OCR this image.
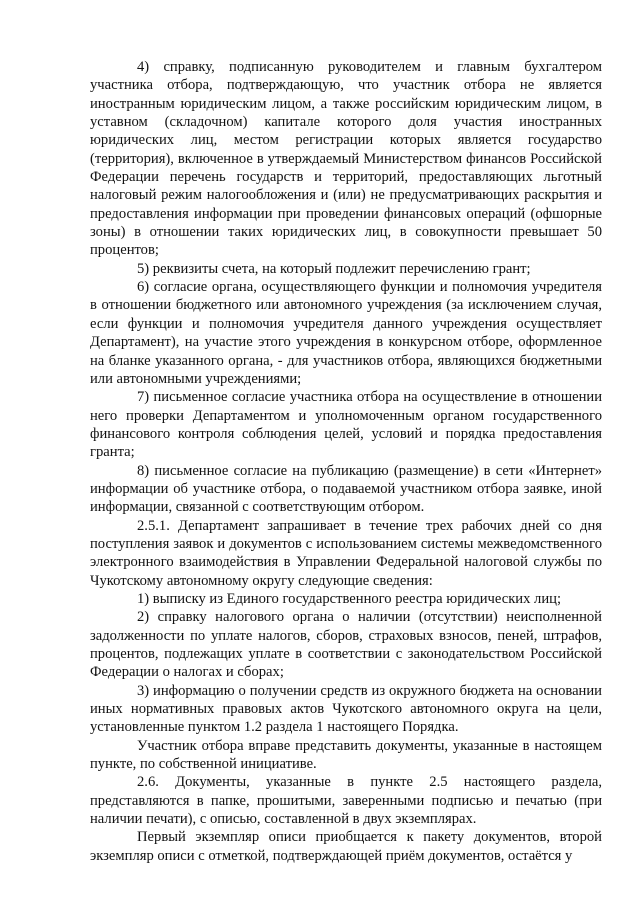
4) справку, подписанную руководителем и главным бухгалтером участника отбора, подтверждающую, что участник отбора не является иностранным юридическим лицом, а также российским юридическим лицом, в уставном (складочном) капитале которого доля участия иностранных юридических лиц, местом регистрации которых является государство (территория), включенное в утверждаемый Министерством финансов Российской Федерации перечень государств и территорий, предоставляющих льготный налоговый режим налогообложения и (или) не предусматривающих раскрытия и предоставления информации при проведении финансовых операций (офшорные зоны) в отношении таких юридических лиц, в совокупности превышает 50 процентов;

5) реквизиты счета, на который подлежит перечислению грант;

6) согласие органа, осуществляющего функции и полномочия учредителя в отношении бюджетного или автономного учреждения (за исключением случая, если функции и полномочия учредителя данного учреждения осуществляет Департамент), на участие этого учреждения в конкурсном отборе, оформленное на бланке указанного органа, - для участников отбора, являющихся бюджетными или автономными учреждениями;

7) письменное согласие участника отбора на осуществление в отношении него проверки Департаментом и уполномоченным органом государственного финансового контроля соблюдения целей, условий и порядка предоставления гранта;

8) письменное согласие на публикацию (размещение) в сети «Интернет» информации об участнике отбора, о подаваемой участником отбора заявке, иной информации, связанной с соответствующим отбором.

2.5.1. Департамент запрашивает в течение трех рабочих дней со дня поступления заявок и документов с использованием системы межведомственного электронного взаимодействия в Управлении Федеральной налоговой службы по Чукотскому автономному округу следующие сведения:

1) выписку из Единого государственного реестра юридических лиц;

2) справку налогового органа о наличии (отсутствии) неисполненной задолженности по уплате налогов, сборов, страховых взносов, пеней, штрафов, процентов, подлежащих уплате в соответствии с законодательством Российской Федерации о налогах и сборах;

3) информацию о получении средств из окружного бюджета на основании иных нормативных правовых актов Чукотского автономного округа на цели, установленные пунктом 1.2 раздела 1 настоящего Порядка.

Участник отбора вправе представить документы, указанные в настоящем пункте, по собственной инициативе.

2.6. Документы, указанные в пункте 2.5 настоящего раздела, представляются в папке, прошитыми, заверенными подписью и печатью (при наличии печати), с описью, составленной в двух экземплярах.

Первый экземпляр описи приобщается к пакету документов, второй экземпляр описи с отметкой, подтверждающей приём документов, остаётся у
